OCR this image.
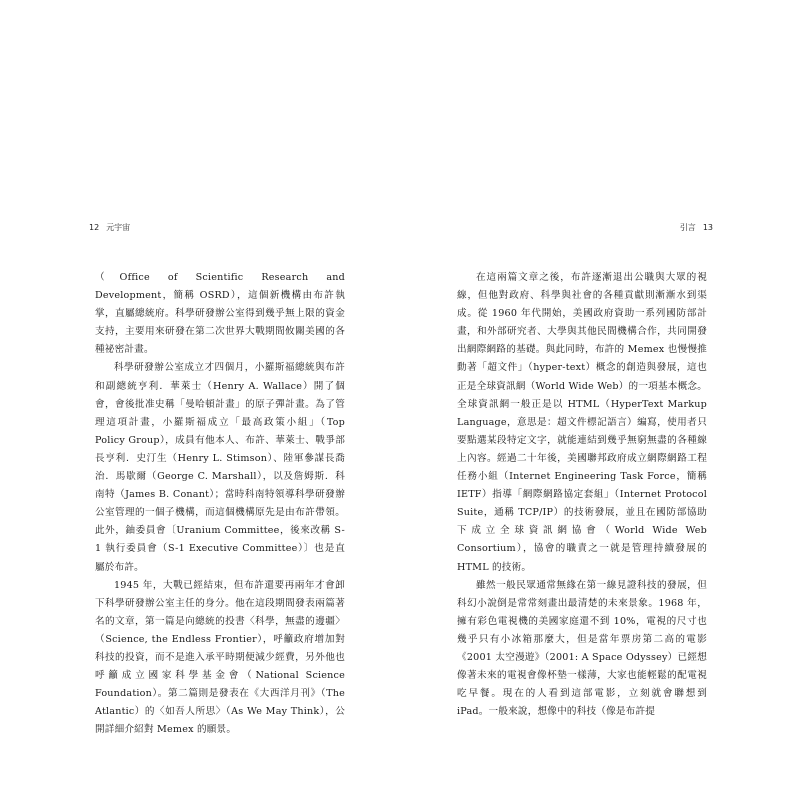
12 元宇宙

（Office of Scientific Research and Development，簡稱 OSRD），這個新機構由布許執掌，直屬總統府。科學研發辦公室得到幾乎無上限的資金支持，主要用來研發在第二次世界大戰期間攸關美國的各種祕密計畫。

科學研發辦公室成立才四個月，小羅斯福總統與布許和副總統亨利．華萊士（Henry A. Wallace）開了個會，會後批准史稱「曼哈頓計畫」的原子彈計畫。為了管理這項計畫，小羅斯福成立「最高政策小組」（Top Policy Group），成員有他本人、布許、華萊士、戰爭部長亨利．史汀生（Henry L. Stimson）、陸軍參謀長喬治．馬歇爾（George C. Marshall），以及詹姆斯．科南特（James B. Conant）；當時科南特領導科學研發辦公室管理的一個子機構，而這個機構原先是由布許帶領。此外，鈾委員會〔Uranium Committee，後來改稱 S-1 執行委員會（S-1 Executive Committee）〕也是直屬於布許。

1945 年，大戰已經結束，但布許還要再兩年才會卸下科學研發辦公室主任的身分。他在這段期間發表兩篇著名的文章，第一篇是向總統的投書〈科學，無盡的邊疆〉（Science, the Endless Frontier），呼籲政府增加對科技的投資，而不是進入承平時期便減少經費，另外他也呼籲成立國家科學基金會（National Science Foundation）。第二篇則是發表在《大西洋月刊》（The Atlantic）的〈如吾人所思〉（As We May Think），公開詳細介紹對 Memex 的願景。

引言 13

在這兩篇文章之後，布許逐漸退出公職與大眾的視線，但他對政府、科學與社會的各種貢獻則漸漸水到渠成。從 1960 年代開始，美國政府資助一系列國防部計畫，和外部研究者、大學與其他民間機構合作，共同開發出網際網路的基礎。與此同時，布許的 Memex 也慢慢推動著「超文件」（hyper-text）概念的創造與發展，這也正是全球資訊網（World Wide Web）的一項基本概念。全球資訊網一般正是以 HTML（HyperText Markup Language，意思是：超文件標記語言）編寫，使用者只要點選某段特定文字，就能連結到幾乎無窮無盡的各種線上內容。經過二十年後，美國聯邦政府成立網際網路工程任務小組（Internet Engineering Task Force，簡稱 IETF）指導「網際網路協定套組」（Internet Protocol Suite，通稱 TCP/IP）的技術發展，並且在國防部協助下成立全球資訊網協會（World Wide Web Consortium），協會的職責之一就是管理持續發展的 HTML 的技術。

雖然一般民眾通常無緣在第一線見證科技的發展，但科幻小說倒是常常刻畫出最清楚的未來景象。1968 年，擁有彩色電視機的美國家庭還不到 10%，電視的尺寸也幾乎只有小冰箱那麼大，但是當年票房第二高的電影《2001 太空漫遊》（2001: A Space Odyssey）已經想像著未來的電視會像杯墊一樣薄，大家也能輕鬆的配電視吃早餐。現在的人看到這部電影，立刻就會聯想到 iPad。一般來說，想像中的科技（像是布許提
